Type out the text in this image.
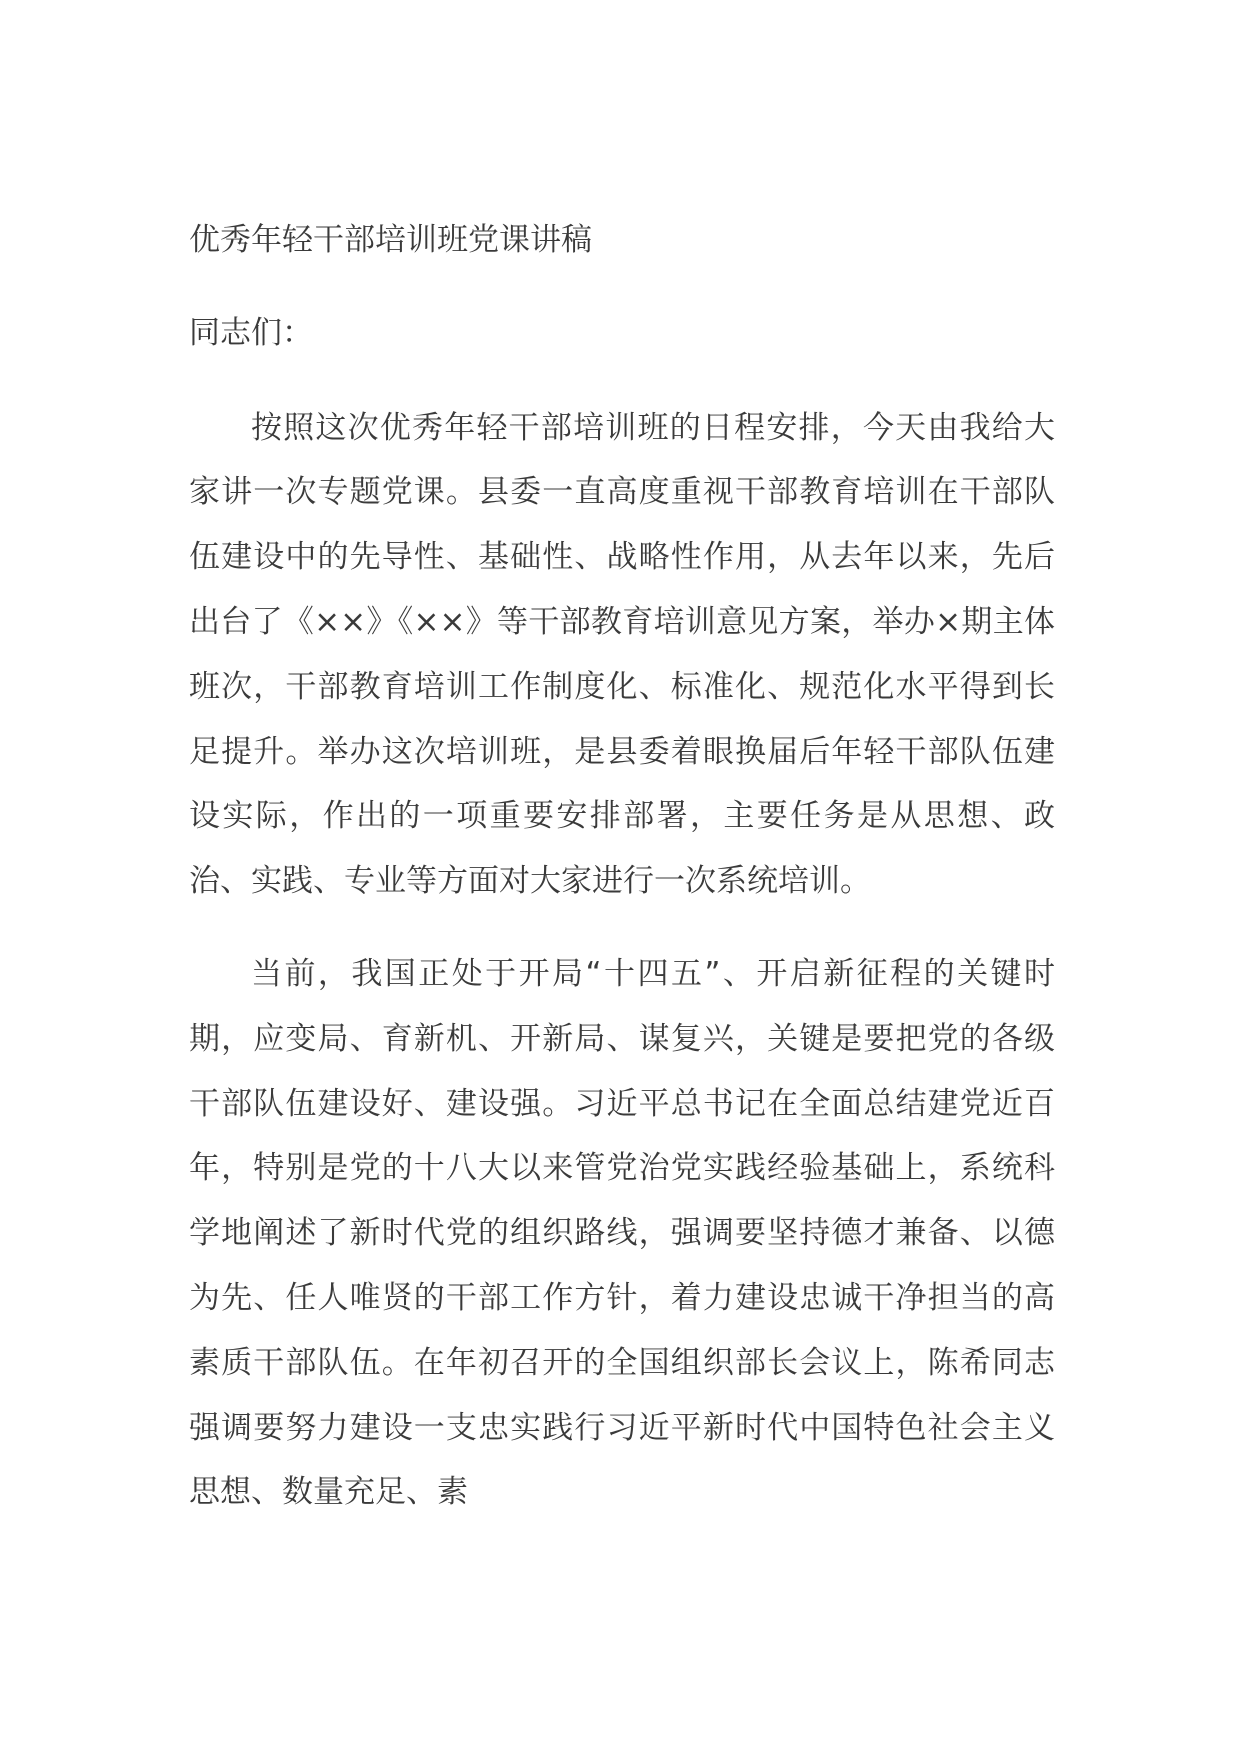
优秀年轻干部培训班党课讲稿

同志们：

按照这次优秀年轻干部培训班的日程安排，今天由我给大家讲一次专题党课。县委一直高度重视干部教育培训在干部队伍建设中的先导性、基础性、战略性作用，从去年以来，先后出台了《××》《××》等干部教育培训意见方案，举办×期主体班次，干部教育培训工作制度化、标准化、规范化水平得到长足提升。举办这次培训班，是县委着眼换届后年轻干部队伍建设实际，作出的一项重要安排部署，主要任务是从思想、政治、实践、专业等方面对大家进行一次系统培训。

当前，我国正处于开局“十四五”、开启新征程的关键时期，应变局、育新机、开新局、谋复兴，关键是要把党的各级干部队伍建设好、建设强。习近平总书记在全面总结建党近百年，特别是党的十八大以来管党治党实践经验基础上，系统科学地阐述了新时代党的组织路线，强调要坚持德才兼备、以德为先、任人唯贤的干部工作方针，着力建设忠诚干净担当的高素质干部队伍。在年初召开的全国组织部长会议上，陈希同志强调要努力建设一支忠实践行习近平新时代中国特色社会主义思想、数量充足、素
